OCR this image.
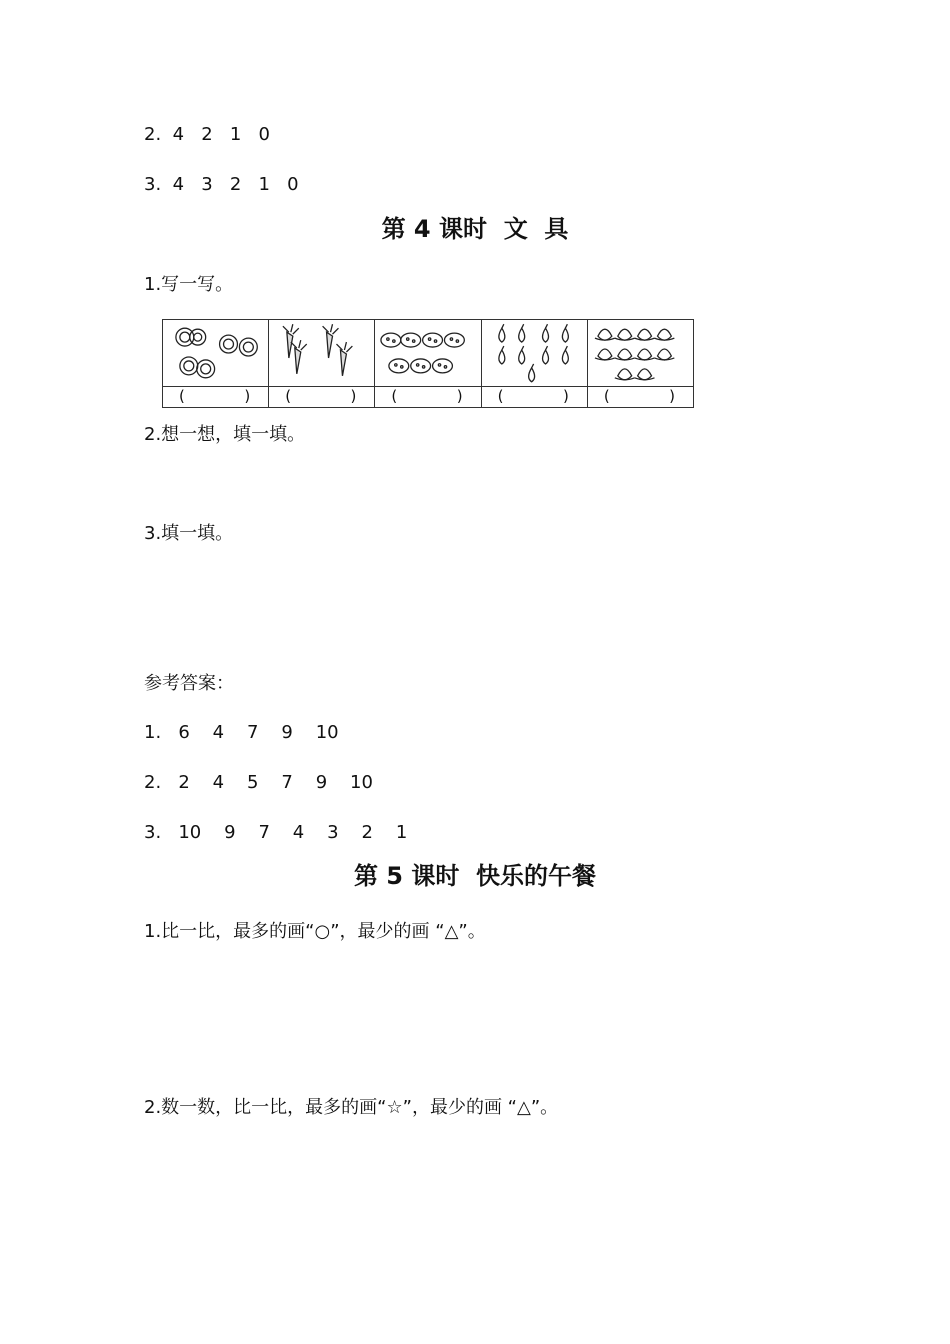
2.  4   2   1   0
3.  4   3   2   1   0
第 4 课时  文  具
1.写一写。
(	) (	) (	) (	) (	)
2.想一想，填一填。
3.填一填。
参考答案：
1.   6    4    7    9    10
2.   2    4    5    7    9    10
3.   10    9    7    4    3    2    1
第 5 课时  快乐的午餐
1.比一比，最多的画“○”，最少的画 “△”。
2.数一数，比一比，最多的画“☆”，最少的画 “△”。
